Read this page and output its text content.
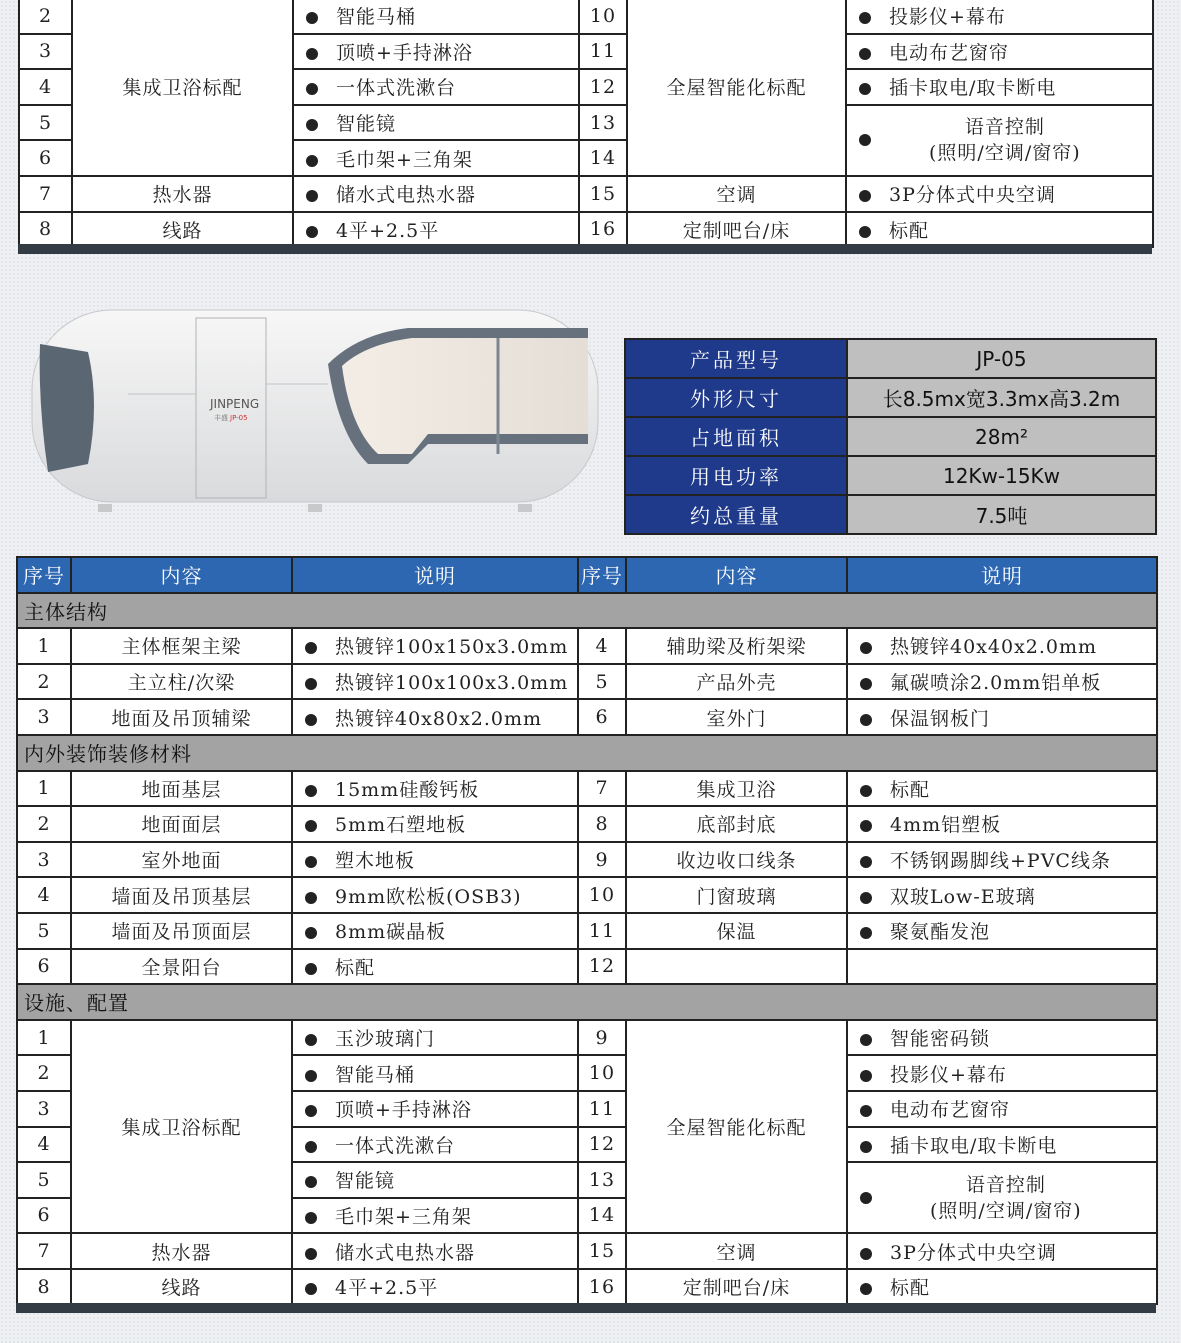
2	集成卫浴标配	智能马桶	10	全屋智能化标配	投影仪+幕布
3		顶喷+手持淋浴	11		电动布艺窗帘
4		一体式洗漱台	12		插卡取电/取卡断电
5		智能镜	13		语音控制
(照明/空调/窗帘)
6		毛巾架+三角架	14		
7	热水器	储水式电热水器	15	空调	3P分体式中央空调
8	线路	4平+2.5平	16	定制吧台/床	标配
JINPENG
丰盛 JP-05
产品型号	JP-05
外形尺寸	长8.5mx宽3.3mx高3.2m
占地面积	28m²
用电功率	12Kw-15Kw
约总重量	7.5吨
序号	内容	说明	序号	内容	说明
主体结构					
1	主体框架主梁	热镀锌100x150x3.0mm	4	辅助梁及桁架梁	热镀锌40x40x2.0mm
2	主立柱/次梁	热镀锌100x100x3.0mm	5	产品外壳	氟碳喷涂2.0mm铝单板
3	地面及吊顶辅梁	热镀锌40x80x2.0mm	6	室外门	保温钢板门
内外装饰装修材料					
1	地面基层	15mm硅酸钙板	7	集成卫浴	标配
2	地面面层	5mm石塑地板	8	底部封底	4mm铝塑板
3	室外地面	塑木地板	9	收边收口线条	不锈钢踢脚线+PVC线条
4	墙面及吊顶基层	9mm欧松板(OSB3)	10	门窗玻璃	双玻Low-E玻璃
5	墙面及吊顶面层	8mm碳晶板	11	保温	聚氨酯发泡
6	全景阳台	标配	12		
设施、配置					
1	集成卫浴标配	玉沙玻璃门	9	全屋智能化标配	智能密码锁
2		智能马桶	10		投影仪+幕布
3		顶喷+手持淋浴	11		电动布艺窗帘
4		一体式洗漱台	12		插卡取电/取卡断电
5		智能镜	13		语音控制
(照明/空调/窗帘)
6		毛巾架+三角架	14		
7	热水器	储水式电热水器	15	空调	3P分体式中央空调
8	线路	4平+2.5平	16	定制吧台/床	标配
